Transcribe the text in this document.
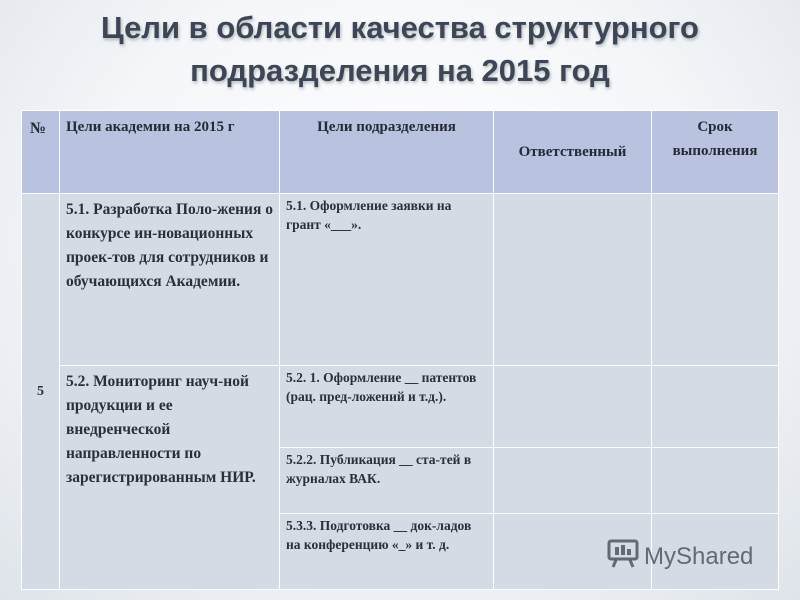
Цели в области качества структурного
подразделения на 2015 год
№	Цели академии на 2015 г	Цели подразделения	Ответственный	Срок выполнения
5	5.1. Разработка Поло-жения о конкурсе ин-новационных проек-тов для сотрудников и обучающихся Академии.	5.1. Оформление заявки на грант «___».		
	5.2. Мониторинг науч-ной продукции и ее внедренческой направленности по зарегистрированным НИР.	5.2. 1. Оформление __ патентов (рац. пред-ложений и т.д.).		
		5.2.2. Публикация __ ста-тей в журналах ВАК.		
		5.3.3. Подготовка __ док-ладов на конференцию «_» и т. д.			MyShared
